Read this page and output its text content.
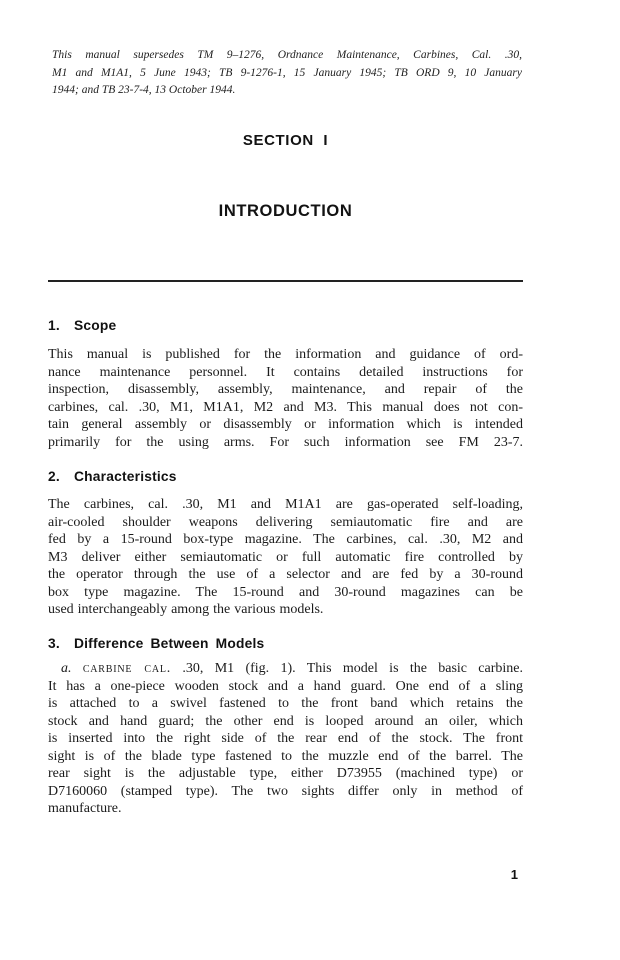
This manual supersedes TM 9–1276, Ordnance Maintenance, Carbines, Cal. .30,
M1 and M1A1, 5 June 1943; TB 9-1276-1, 15 January 1945; TB ORD 9, 10 January
1944; and TB 23-7-4, 13 October 1944.
SECTION  I
INTRODUCTION
1.  Scope
This manual is published for the information and guidance of ord-
nance maintenance personnel. It contains detailed instructions for
inspection, disassembly, assembly, maintenance, and repair of the
carbines, cal. .30, M1, M1A1, M2 and M3. This manual does not con-
tain general assembly or disassembly or information which is intended
primarily for the using arms. For such information see FM 23-7.
2.  Characteristics
The carbines, cal. .30, M1 and M1A1 are gas-operated self-loading,
air-cooled shoulder weapons delivering semiautomatic fire and are
fed by a 15-round box-type magazine. The carbines, cal. .30, M2 and
M3 deliver either semiautomatic or full automatic fire controlled by
the operator through the use of a selector and are fed by a 30-round
box type magazine. The 15-round and 30-round magazines can be
used interchangeably among the various models.
3.  Difference Between Models
a. carbine cal. .30, M1 (fig. 1). This model is the basic carbine.
It has a one-piece wooden stock and a hand guard. One end of a sling
is attached to a swivel fastened to the front band which retains the
stock and hand guard; the other end is looped around an oiler, which
is inserted into the right side of the rear end of the stock. The front
sight is of the blade type fastened to the muzzle end of the barrel. The
rear sight is the adjustable type, either D73955 (machined type) or
D7160060 (stamped type). The two sights differ only in method of
manufacture.
1
